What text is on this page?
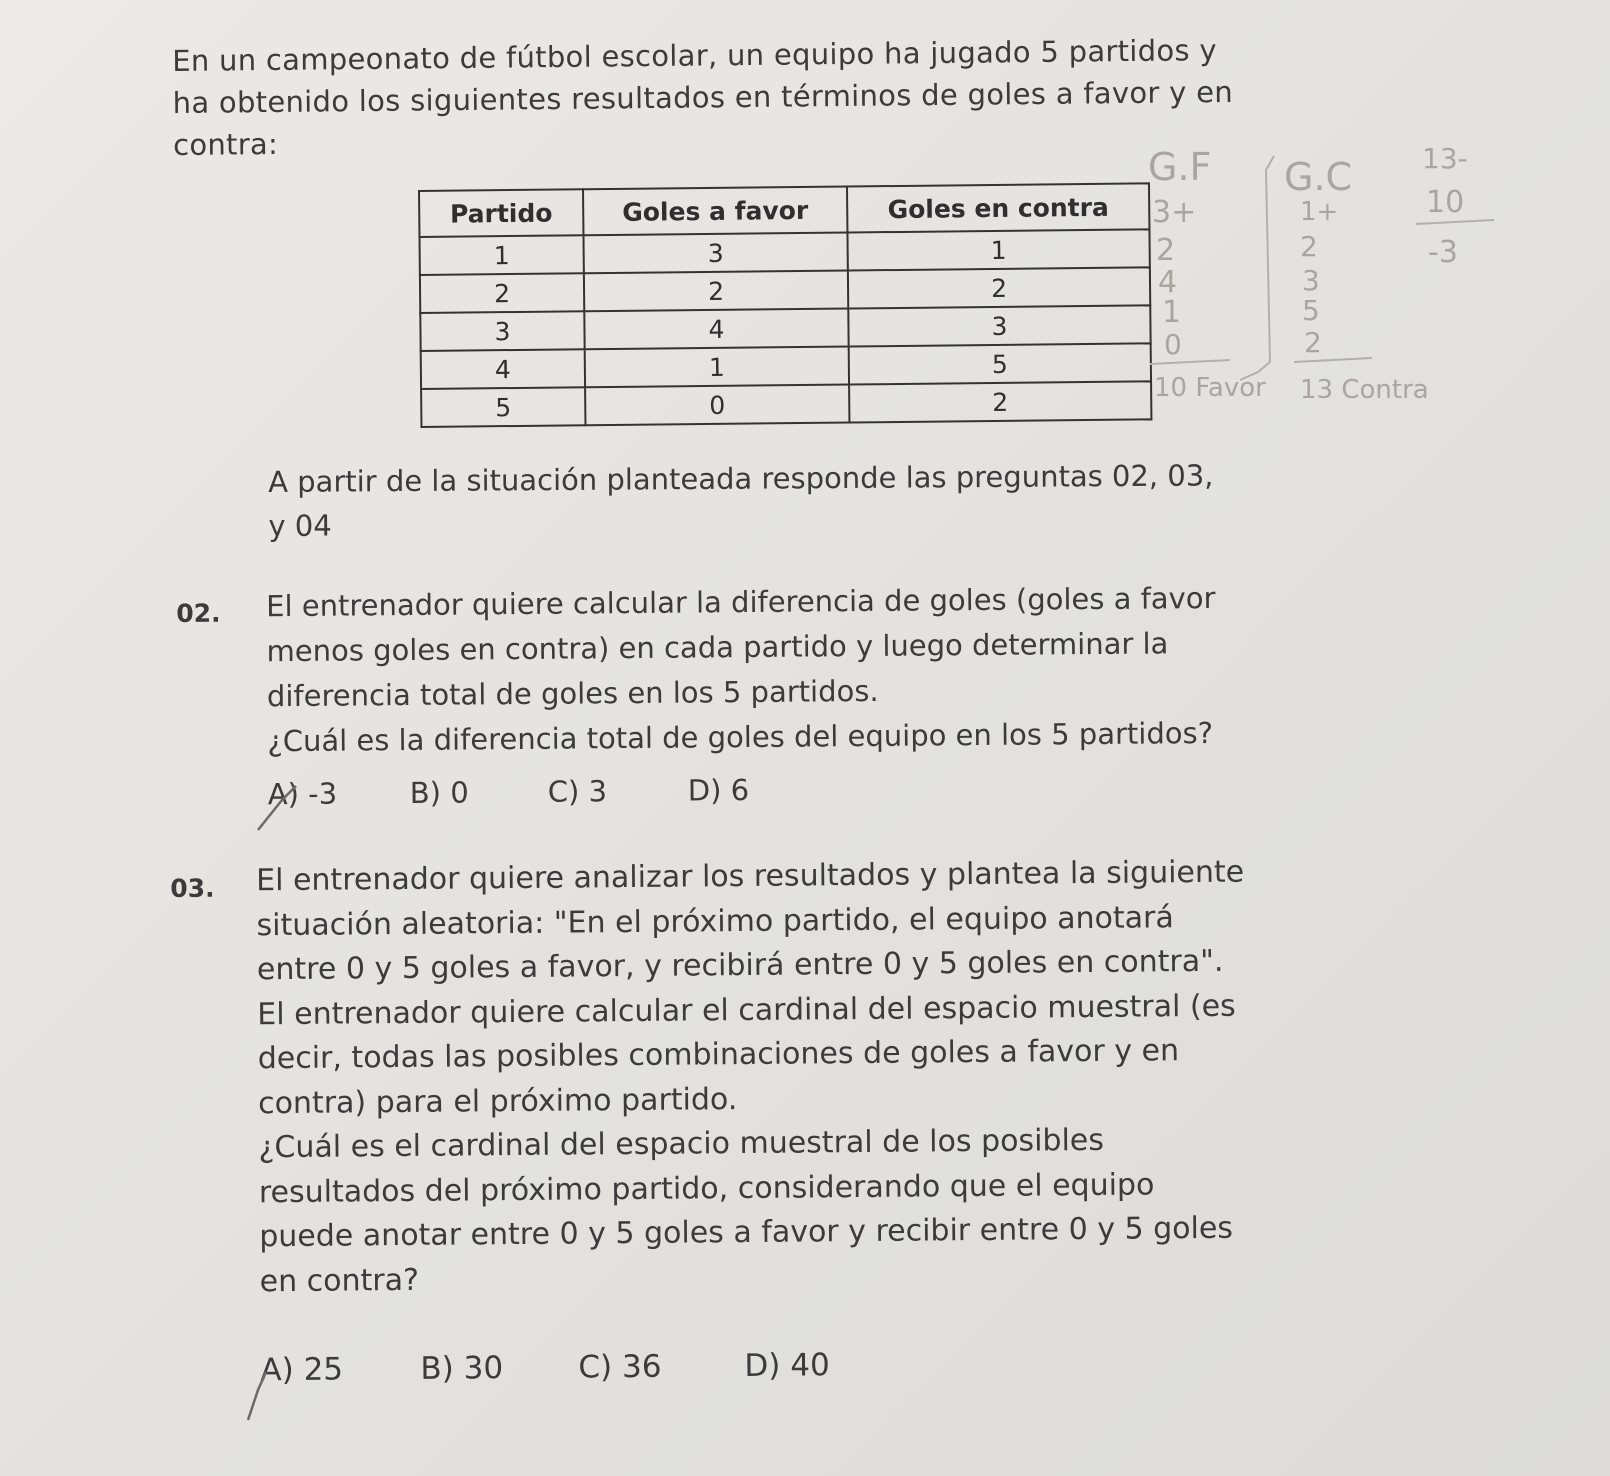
En un campeonato de fútbol escolar, un equipo ha jugado 5 partidos y

ha obtenido los siguientes resultados en términos de goles a favor y en

contra:

Partido	Goles a favor	Goles en contra
1	3	1
2	2	2
3	4	3
4	1	5
5	0	2
G.F
3+
2
4
1
0
10 Favor
G.C
1+
2
3
5
2
13 Contra
13-
10
-3

A partir de la situación planteada responde las preguntas 02, 03,

y 04

02. El entrenador quiere calcular la diferencia de goles (goles a favor

menos goles en contra) en cada partido y luego determinar la

diferencia total de goles en los 5 partidos.

¿Cuál es la diferencia total de goles del equipo en los 5 partidos?

A) -3	B) 0	C) 3	D) 6
03. El entrenador quiere analizar los resultados y plantea la siguiente

situación aleatoria: "En el próximo partido, el equipo anotará

entre 0 y 5 goles a favor, y recibirá entre 0 y 5 goles en contra".

El entrenador quiere calcular el cardinal del espacio muestral (es

decir, todas las posibles combinaciones de goles a favor y en

contra) para el próximo partido.

¿Cuál es el cardinal del espacio muestral de los posibles

resultados del próximo partido, considerando que el equipo

puede anotar entre 0 y 5 goles a favor y recibir entre 0 y 5 goles

en contra?

A) 25	B) 30	C) 36	D) 40
